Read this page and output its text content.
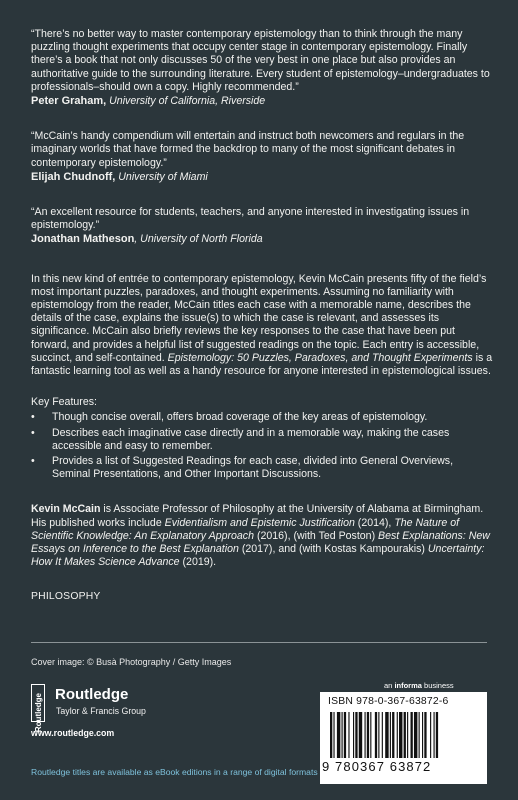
“There’s no better way to master contemporary epistemology than to think through the many puzzling thought experiments that occupy center stage in contemporary epistemology. Finally there’s a book that not only discusses 50 of the very best in one place but also provides an authoritative guide to the surrounding literature. Every student of epistemology–undergraduates to professionals–should own a copy. Highly recommended.”

Peter Graham, University of California, Riverside

“McCain’s handy compendium will entertain and instruct both newcomers and regulars in the imaginary worlds that have formed the backdrop to many of the most significant debates in contemporary epistemology.”

Elijah Chudnoff, University of Miami

“An excellent resource for students, teachers, and anyone interested in investigating issues in epistemology.”

Jonathan Matheson, University of North Florida

In this new kind of entrée to contemporary epistemology, Kevin McCain presents fifty of the field’s most important puzzles, paradoxes, and thought experiments. Assuming no familiarity with epistemology from the reader, McCain titles each case with a memorable name, describes the details of the case, explains the issue(s) to which the case is relevant, and assesses its significance. McCain also briefly reviews the key responses to the case that have been put forward, and provides a helpful list of suggested readings on the topic. Each entry is accessible, succinct, and self-contained. Epistemology: 50 Puzzles, Paradoxes, and Thought Experiments is a fantastic learning tool as well as a handy resource for anyone interested in epistemological issues.

Key Features:
• Though concise overall, offers broad coverage of the key areas of epistemology.
• Describes each imaginative case directly and in a memorable way, making the cases accessible and easy to remember.
• Provides a list of Suggested Readings for each case, divided into General Overviews, Seminal Presentations, and Other Important Discussions.

Kevin McCain is Associate Professor of Philosophy at the University of Alabama at Birmingham. His published works include Evidentialism and Epistemic Justification (2014), The Nature of Scientific Knowledge: An Explanatory Approach (2016), (with Ted Poston) Best Explanations: New Essays on Inference to the Best Explanation (2017), and (with Kostas Kampourakis) Uncertainty: How It Makes Science Advance (2019).

PHILOSOPHY
Cover image: © Busà Photography / Getty Images
Routledge Routledge
Taylor & Francis Group
www.routledge.com
an informa business
ISBN 978-0-367-63872-6
9 780367 63872
Routledge titles are available as eBook editions in a range of digital formats
